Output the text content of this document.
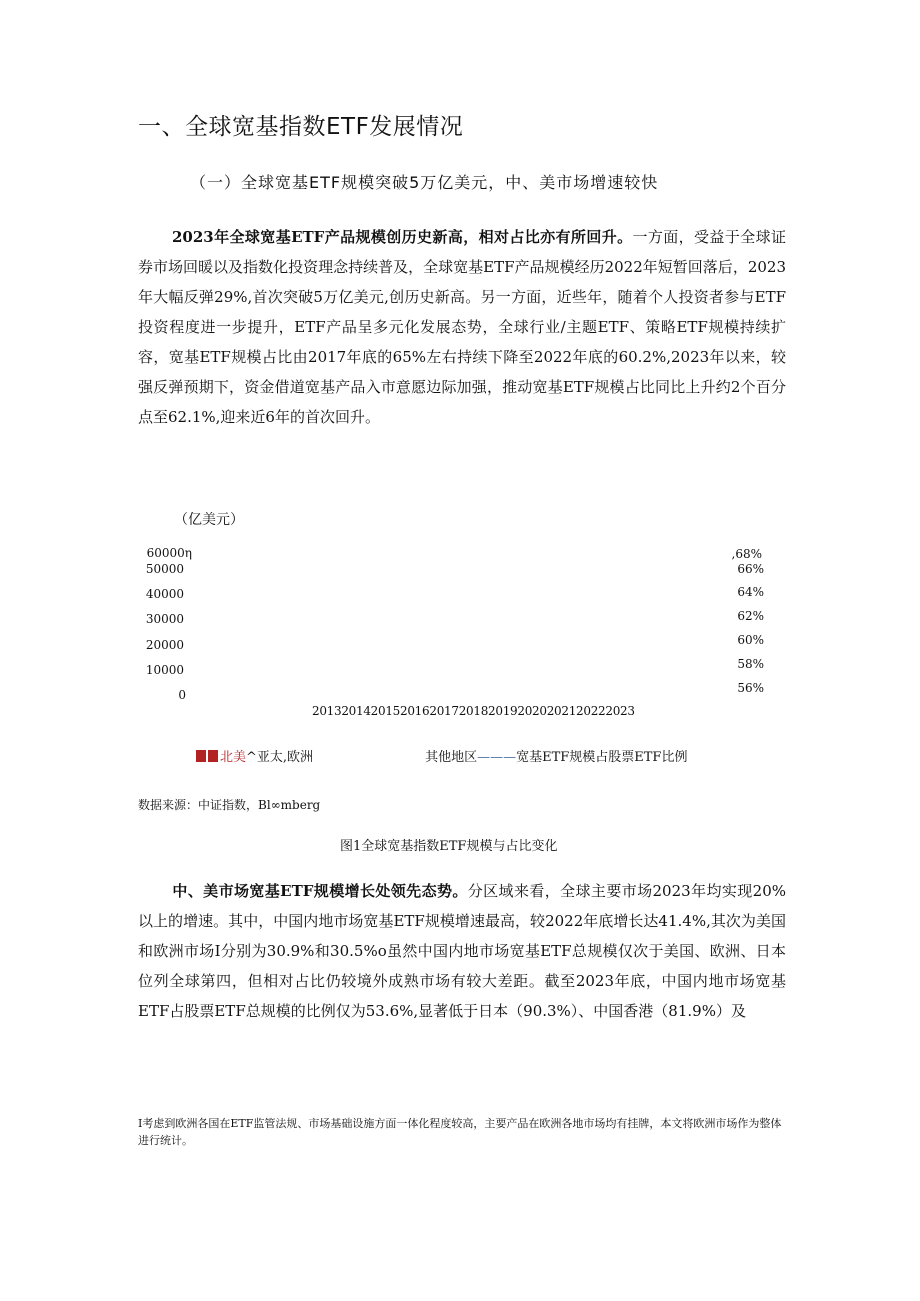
一、全球宽基指数ETF发展情况
（一）全球宽基ETF规模突破5万亿美元，中、美市场增速较快
2023年全球宽基ETF产品规模创历史新高，相对占比亦有所回升。一方面，受益于全球证券市场回暖以及指数化投资理念持续普及，全球宽基ETF产品规模经历2022年短暂回落后，2023年大幅反弹29%,首次突破5万亿美元,创历史新高。另一方面，近些年，随着个人投资者参与ETF投资程度进一步提升，ETF产品呈多元化发展态势，全球行业/主题ETF、策略ETF规模持续扩容，宽基ETF规模占比由2017年底的65%左右持续下降至2022年底的60.2%,2023年以来，较强反弹预期下，资金借道宽基产品入市意愿边际加强，推动宽基ETF规模占比同比上升约2个百分点至62.1%,迎来近6年的首次回升。
（亿美元）
60000η
50000
40000
30000
20000
10000
0
,68%
66%
64%
62%
60%
58%
56%
2013201420152016201720182019202020212022​2023
北美^亚太,欧洲	其他地区———宽基ETF规模占股票ETF比例
数据来源：中证指数，Bl∞mberg
图1全球宽基指数ETF规模与占比变化
中、美市场宽基ETF规模增长处领先态势。分区域来看，全球主要市场2023年均实现20%以上的增速。其中，中国内地市场宽基ETF规模增速最高，较2022年底增长达41.4%,其次为美国和欧洲市场I分别为30.9%和30.5%o虽然中国内地市场宽基ETF总规模仅次于美国、欧洲、日本位列全球第四，但相对占比仍较境外成熟市场有较大差距。截至2023年底，中国内地市场宽基ETF占股票ETF总规模的比例仅为53.6%,显著低于日本（90.3%）、中国香港（81.9%）及
I考虑到欧洲各国在ETF监管法规、市场基础设施方面一体化程度较高，主要产品在欧洲各地市场均有挂牌，本文将欧洲市场作为整体进行统计。
